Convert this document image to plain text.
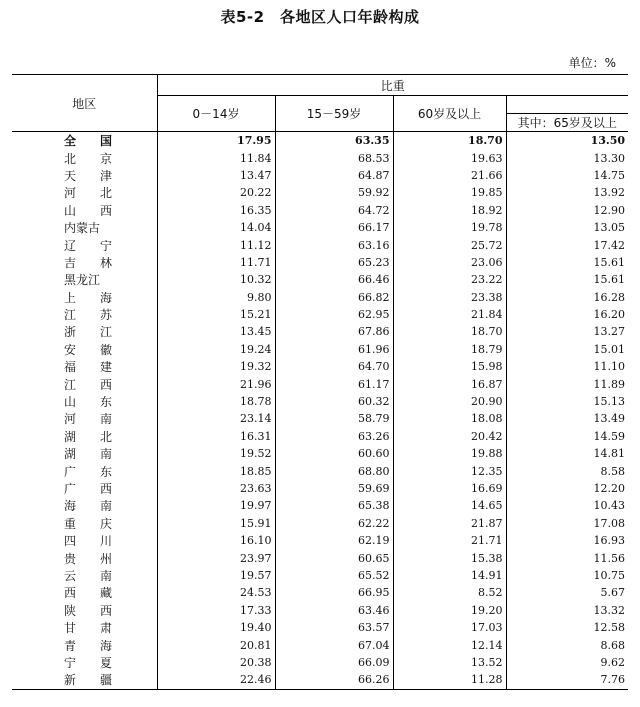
表5-2　各地区人口年龄构成
单位：%
地区	比重			
	0－14岁	15－59岁	60岁及以上	
				其中：65岁及以上
全　国	17.95	63.35	18.70	13.50
北　京	11.84	68.53	19.63	13.30
天　津	13.47	64.87	21.66	14.75
河　北	20.22	59.92	19.85	13.92
山　西	16.35	64.72	18.92	12.90
内蒙古	14.04	66.17	19.78	13.05
辽　宁	11.12	63.16	25.72	17.42
吉　林	11.71	65.23	23.06	15.61
黑龙江	10.32	66.46	23.22	15.61
上　海	9.80	66.82	23.38	16.28
江　苏	15.21	62.95	21.84	16.20
浙　江	13.45	67.86	18.70	13.27
安　徽	19.24	61.96	18.79	15.01
福　建	19.32	64.70	15.98	11.10
江　西	21.96	61.17	16.87	11.89
山　东	18.78	60.32	20.90	15.13
河　南	23.14	58.79	18.08	13.49
湖　北	16.31	63.26	20.42	14.59
湖　南	19.52	60.60	19.88	14.81
广　东	18.85	68.80	12.35	8.58
广　西	23.63	59.69	16.69	12.20
海　南	19.97	65.38	14.65	10.43
重　庆	15.91	62.22	21.87	17.08
四　川	16.10	62.19	21.71	16.93
贵　州	23.97	60.65	15.38	11.56
云　南	19.57	65.52	14.91	10.75
西　藏	24.53	66.95	8.52	5.67
陕　西	17.33	63.46	19.20	13.32
甘　肃	19.40	63.57	17.03	12.58
青　海	20.81	67.04	12.14	8.68
宁　夏	20.38	66.09	13.52	9.62
新　疆	22.46	66.26	11.28	7.76
